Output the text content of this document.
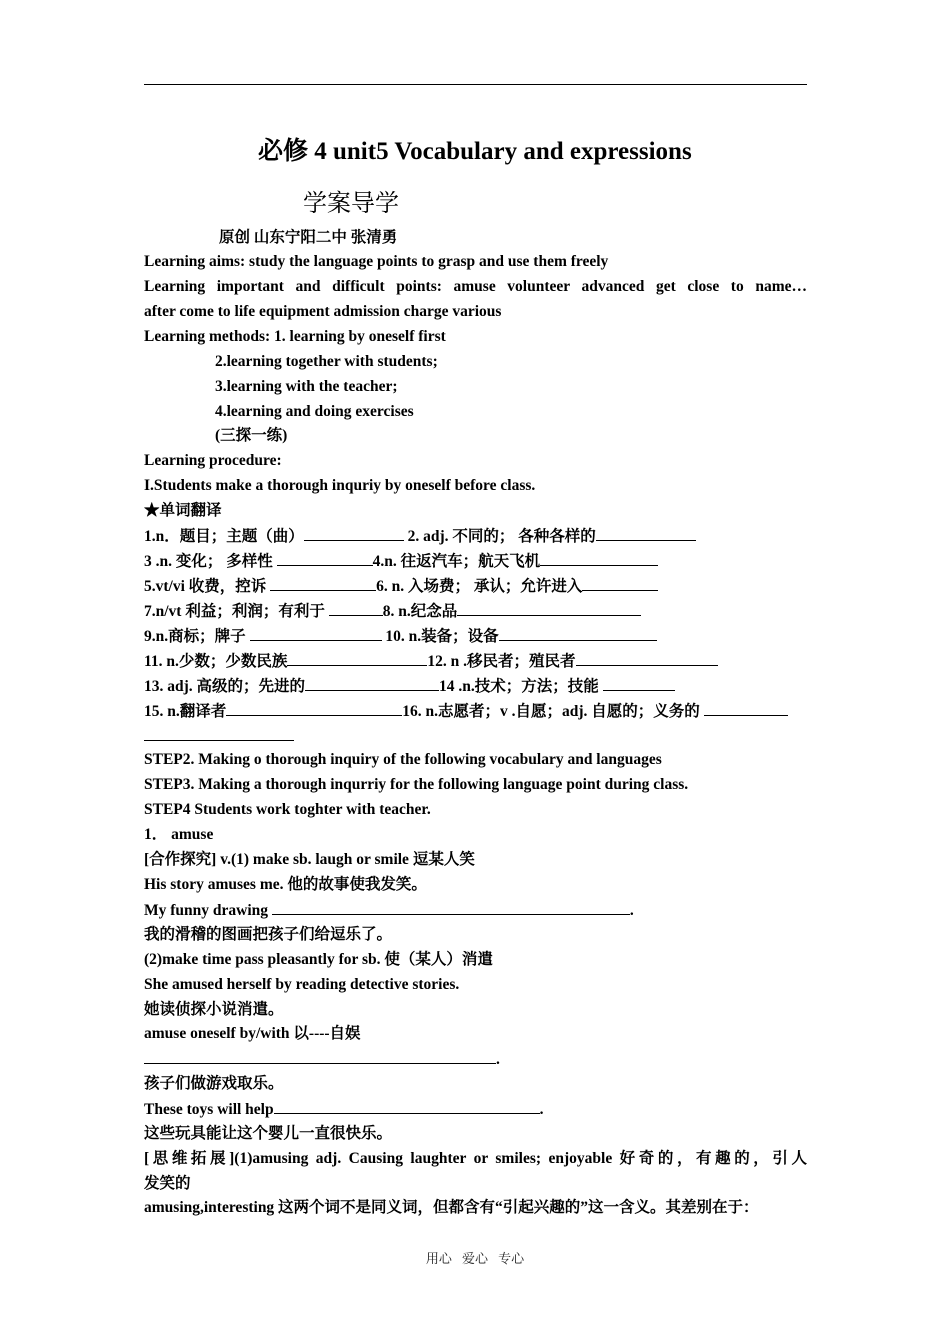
必修 4 unit5 Vocabulary and expressions
学案导学
原创 山东宁阳二中 张清勇
Learning aims: study the language points to grasp and use them freely
Learning important and difficult points: amuse volunteer advanced get close to name…
after come to life equipment admission charge various
Learning methods: 1. learning by oneself first
2.learning together with students;
3.learning with the teacher;
4.learning and doing exercises
(三探一练)
Learning procedure:
I.Students make a thorough inquriy by oneself before class.
★单词翻译
1.n．题目；主题（曲）	2. adj. 不同的； 各种各样的
3 .n. 变化； 多样性	4.n. 往返汽车；航天飞机
5.vt/vi 收费，控诉	6. n. 入场费； 承认；允许进入
7.n/vt 利益；利润；有利于	8. n.纪念品
9.n.商标；牌子	10. n.装备；设备
11. n.少数；少数民族	12. n .移民者；殖民者
13. adj. 高级的；先进的	14 .n.技术；方法；技能
15. n.翻译者	16. n.志愿者；v .自愿；adj. 自愿的；义务的
STEP2. Making o thorough inquiry of the following vocabulary and languages
STEP3. Making a thorough inqurriy for the following language point during class.
STEP4 Students work toghter with teacher.
1． amuse
[合作探究] v.(1) make sb. laugh or smile 逗某人笑
His story amuses me. 他的故事使我发笑。
My funny drawing	.
我的滑稽的图画把孩子们给逗乐了。
(2)make time pass pleasantly for sb. 使（某人）消遣
She amused herself by reading detective stories.
她读侦探小说消遣。
amuse oneself by/with 以----自娱
.
孩子们做游戏取乐。
These toys will help	.
这些玩具能让这个婴儿一直很快乐。
[思维拓展](1)amusing adj. Causing laughter or smiles; enjoyable 好奇的，有趣的，引人
发笑的
amusing,interesting 这两个词不是同义词，但都含有“引起兴趣的”这一含义。其差别在于：
用心 爱心 专心
